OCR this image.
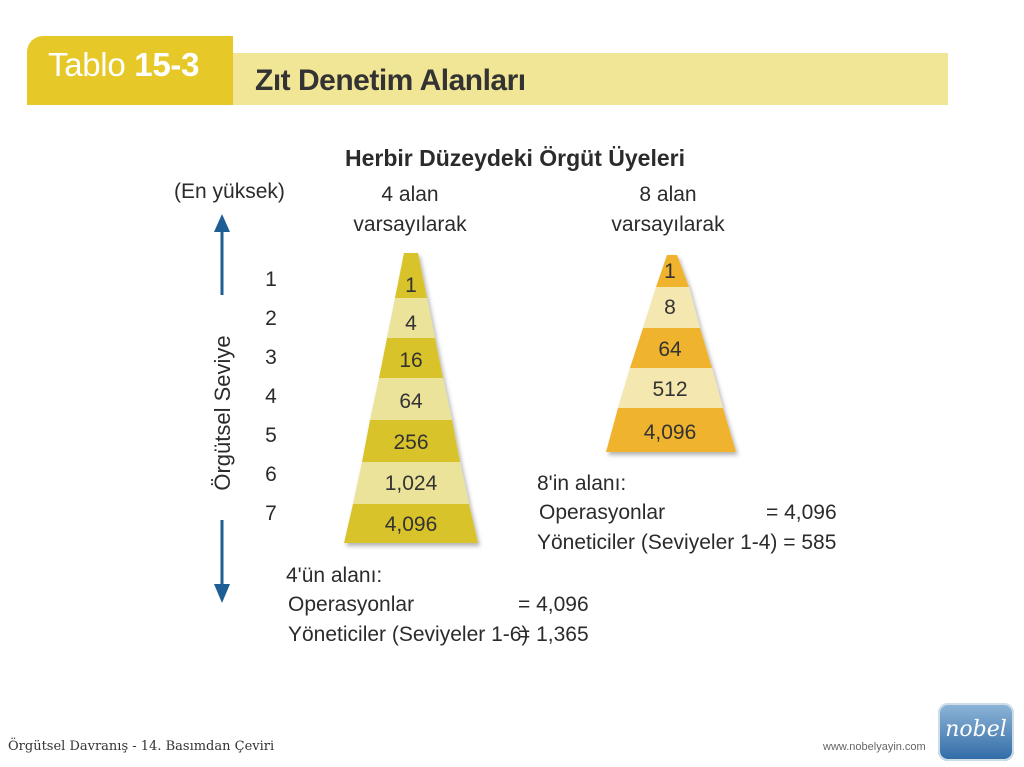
Tablo 15-3 Zıt Denetim Alanları
Herbir Düzeydeki Örgüt Üyeleri
(En yüksek)	4 alan
varsayılarak
8 alan
varsayılarak
1
2
3
4
5
6
7
Örgütsel Seviye
1
4
16
64
256
1,024
4,096
1
8
64
512
4,096
8'in alanı:
Operasyonlar	= 4,096
Yöneticiler (Seviyeler 1-4) = 585
4'ün alanı:
Operasyonlar	= 4,096
Yöneticiler (Seviyeler 1-6)
= 1,365
Örgütsel Davranış - 14. Basımdan Çeviri	www.nobelyayin.com
nobel
